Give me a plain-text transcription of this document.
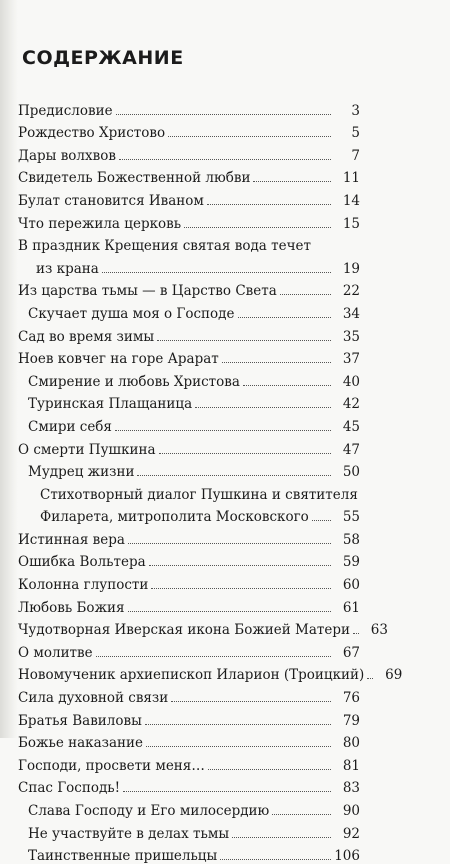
СОДЕРЖАНИЕ
Предисловие	3
Рождество Христово	5
Дары волхвов	7
Свидетель Божественной любви	11
Булат становится Иваном	14
Что пережила церковь	15
В праздник Крещения святая вода течет
из крана	19
Из царства тьмы — в Царство Света	22
Скучает душа моя о Господе	34
Сад во время зимы	35
Ноев ковчег на горе Арарат	37
Смирение и любовь Христова	40
Туринская Плащаница	42
Смири себя	45
О смерти Пушкина	47
Мудрец жизни	50
Стихотворный диалог Пушкина и святителя
Филарета, митрополита Московского	55
Истинная вера	58
Ошибка Вольтера	59
Колонна глупости	60
Любовь Божия	61
Чудотворная Иверская икона Божией Матери	63
О молитве	67
Новомученик архиепископ Иларион (Троицкий)	69
Сила духовной связи	76
Братья Вавиловы	79
Божье наказание	80
Господи, просвети меня…	81
Спас Господь!	83
Слава Господу и Его милосердию	90
Не участвуйте в делах тьмы	92
Таинственные пришельцы	106
